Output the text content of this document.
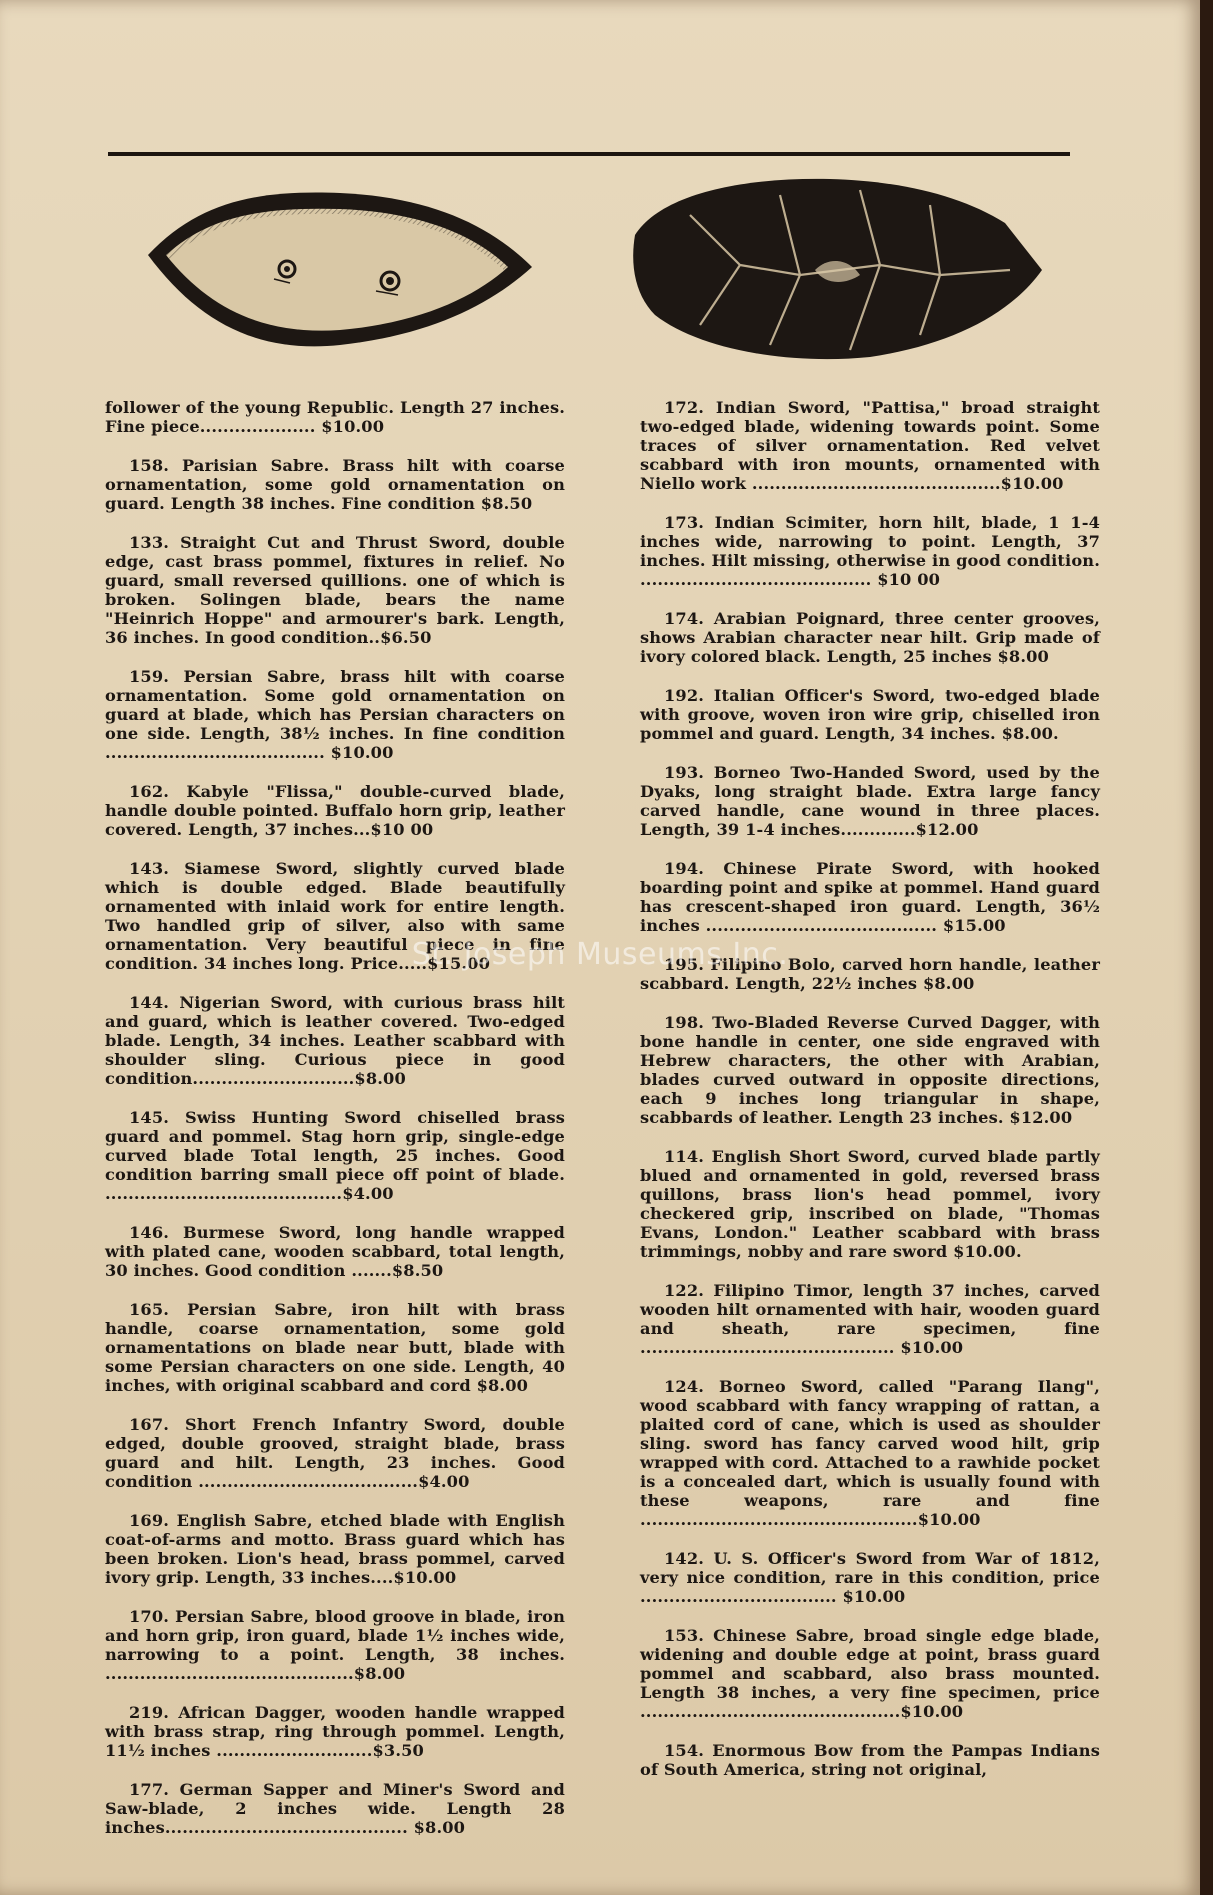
follower of the young Republic. Length 27 inches. Fine piece.................... $10.00

158. Parisian Sabre. Brass hilt with coarse ornamentation, some gold ornamentation on guard. Length 38 inches. Fine condition $8.50

133. Straight Cut and Thrust Sword, double edge, cast brass pommel, fixtures in relief. No guard, small reversed quillions. one of which is broken. Solingen blade, bears the name "Heinrich Hoppe" and armourer's bark. Length, 36 inches. In good condition..$6.50

159. Persian Sabre, brass hilt with coarse ornamentation. Some gold ornamentation on guard at blade, which has Persian characters on one side. Length, 38½ inches. In fine condition ...................................... $10.00

162. Kabyle "Flissa," double-curved blade, handle double pointed. Buffalo horn grip, leather covered. Length, 37 inches...$10 00

143. Siamese Sword, slightly curved blade which is double edged. Blade beautifully ornamented with inlaid work for entire length. Two handled grip of silver, also with same ornamentation. Very beautiful piece in fine condition. 34 inches long. Price.....$15.00

144. Nigerian Sword, with curious brass hilt and guard, which is leather covered. Two-edged blade. Length, 34 inches. Leather scabbard with shoulder sling. Curious piece in good condition............................$8.00

145. Swiss Hunting Sword chiselled brass guard and pommel. Stag horn grip, single-edge curved blade Total length, 25 inches. Good condition barring small piece off point of blade. .........................................$4.00

146. Burmese Sword, long handle wrapped with plated cane, wooden scabbard, total length, 30 inches. Good condition .......$8.50

165. Persian Sabre, iron hilt with brass handle, coarse ornamentation, some gold ornamentations on blade near butt, blade with some Persian characters on one side. Length, 40 inches, with original scabbard and cord $8.00

167. Short French Infantry Sword, double edged, double grooved, straight blade, brass guard and hilt. Length, 23 inches. Good condition ......................................$4.00

169. English Sabre, etched blade with English coat-of-arms and motto. Brass guard which has been broken. Lion's head, brass pommel, carved ivory grip. Length, 33 inches....$10.00

170. Persian Sabre, blood groove in blade, iron and horn grip, iron guard, blade 1½ inches wide, narrowing to a point. Length, 38 inches. ...........................................$8.00

219. African Dagger, wooden handle wrapped with brass strap, ring through pommel. Length, 11½ inches ...........................$3.50

177. German Sapper and Miner's Sword and Saw-blade, 2 inches wide. Length 28 inches.......................................... $8.00

172. Indian Sword, "Pattisa," broad straight two-edged blade, widening towards point. Some traces of silver ornamentation. Red velvet scabbard with iron mounts, ornamented with Niello work ...........................................$10.00

173. Indian Scimiter, horn hilt, blade, 1 1-4 inches wide, narrowing to point. Length, 37 inches. Hilt missing, otherwise in good condition. ........................................ $10 00

174. Arabian Poignard, three center grooves, shows Arabian character near hilt. Grip made of ivory colored black. Length, 25 inches $8.00

192. Italian Officer's Sword, two-edged blade with groove, woven iron wire grip, chiselled iron pommel and guard. Length, 34 inches. $8.00.

193. Borneo Two-Handed Sword, used by the Dyaks, long straight blade. Extra large fancy carved handle, cane wound in three places. Length, 39 1-4 inches.............$12.00

194. Chinese Pirate Sword, with hooked boarding point and spike at pommel. Hand guard has crescent-shaped iron guard. Length, 36½ inches ........................................ $15.00

195. Filipino Bolo, carved horn handle, leather scabbard. Length, 22½ inches $8.00

198. Two-Bladed Reverse Curved Dagger, with bone handle in center, one side engraved with Hebrew characters, the other with Arabian, blades curved outward in opposite directions, each 9 inches long triangular in shape, scabbards of leather. Length 23 inches. $12.00

114. English Short Sword, curved blade partly blued and ornamented in gold, reversed brass quillons, brass lion's head pommel, ivory checkered grip, inscribed on blade, "Thomas Evans, London." Leather scabbard with brass trimmings, nobby and rare sword $10.00.

122. Filipino Timor, length 37 inches, carved wooden hilt ornamented with hair, wooden guard and sheath, rare specimen, fine ............................................ $10.00

124. Borneo Sword, called "Parang Ilang", wood scabbard with fancy wrapping of rattan, a plaited cord of cane, which is used as shoulder sling. sword has fancy carved wood hilt, grip wrapped with cord. Attached to a rawhide pocket is a concealed dart, which is usually found with these weapons, rare and fine ................................................$10.00

142. U. S. Officer's Sword from War of 1812, very nice condition, rare in this condition, price .................................. $10.00

153. Chinese Sabre, broad single edge blade, widening and double edge at point, brass guard pommel and scabbard, also brass mounted. Length 38 inches, a very fine specimen, price .............................................$10.00

154. Enormous Bow from the Pampas Indians of South America, string not original,

St. Joseph Museums Inc.
